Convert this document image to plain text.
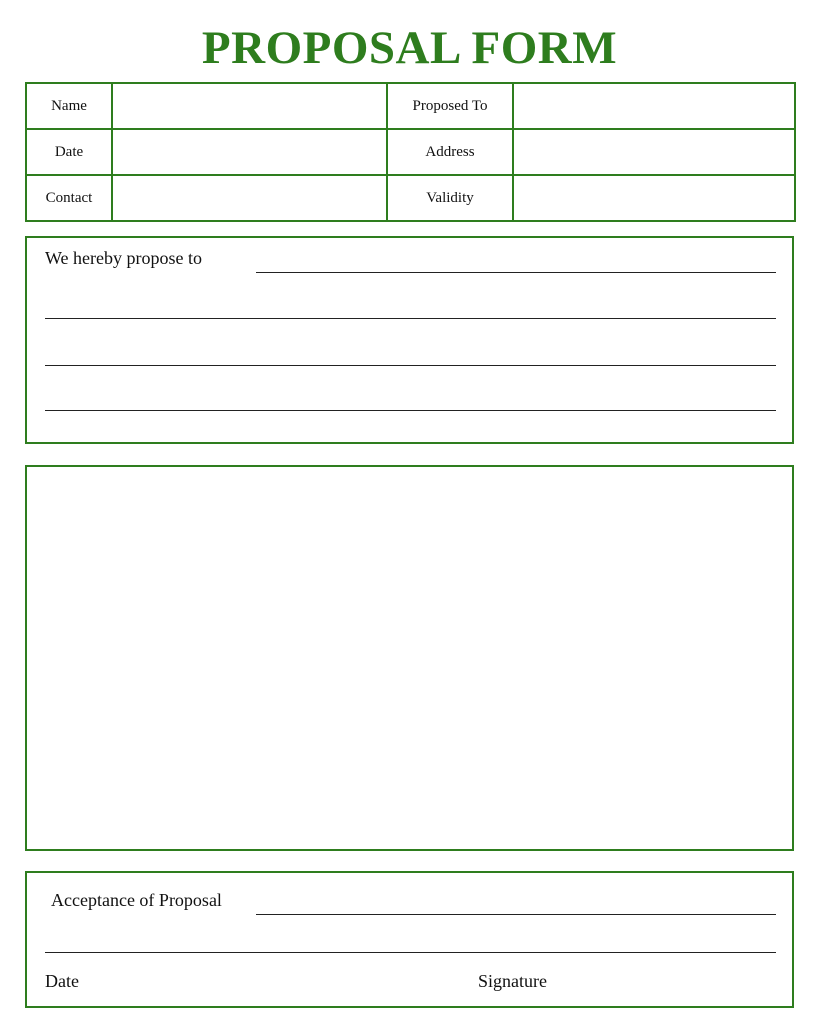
PROPOSAL FORM
Name		Proposed To	
Date		Address	
Contact		Validity	
We hereby propose to
Acceptance of Proposal
Date	Signature
